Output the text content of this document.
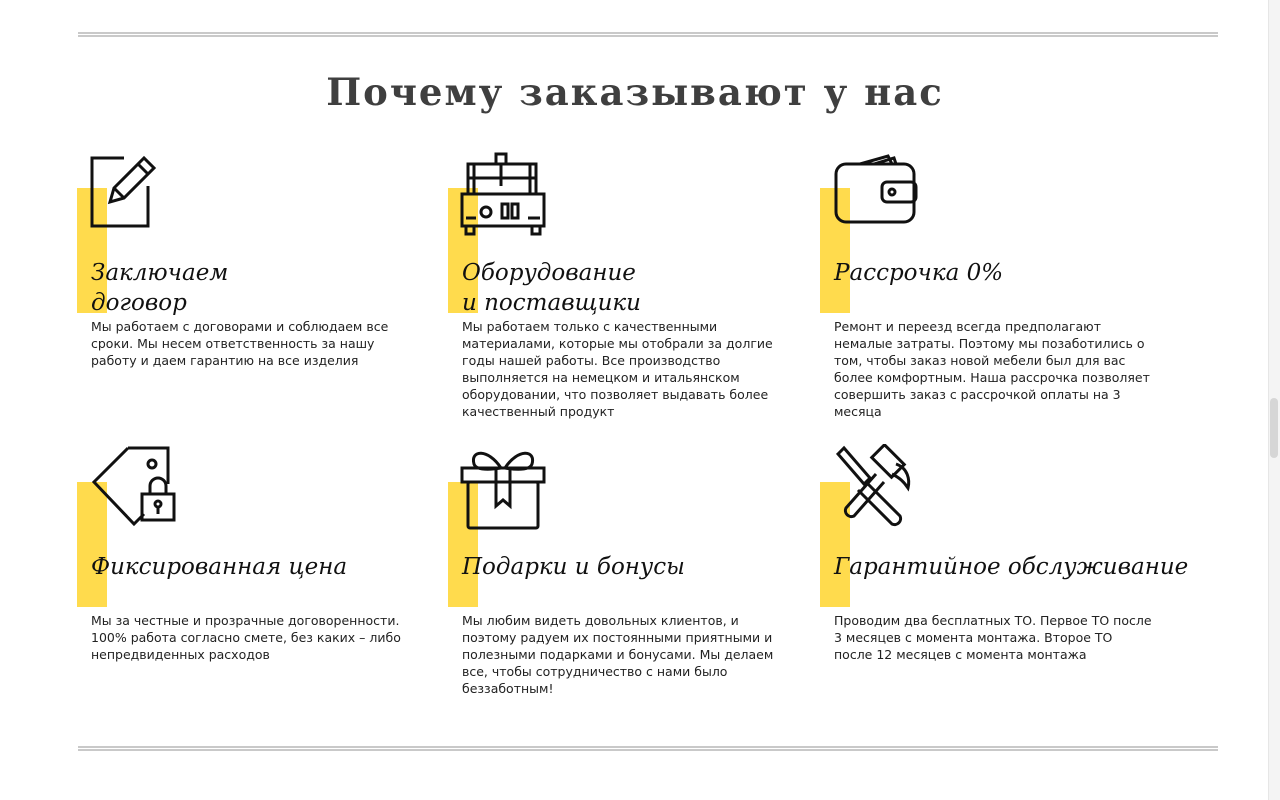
Почему заказывают у нас
Заключаем
договор

Мы работаем с договорами и соблюдаем все сроки. Мы несем ответственность за нашу работу и даем гарантию на все изделия

Оборудование
и поставщики

Мы работаем только с качественными материалами, которые мы отобрали за долгие годы нашей работы. Все производство выполняется на немецком и итальянском оборудовании, что позволяет выдавать более качественный продукт

Рассрочка 0%

Ремонт и переезд всегда предполагают немалые затраты. Поэтому мы позаботились о том, чтобы заказ новой мебели был для вас более комфортным. Наша рассрочка позволяет совершить заказ с рассрочкой оплаты на 3 месяца

Фиксированная цена

Мы за честные и прозрачные договоренности. 100% работа согласно смете, без каких – либо непредвиденных расходов

Подарки и бонусы

Мы любим видеть довольных клиентов, и поэтому радуем их постоянными приятными и полезными подарками и бонусами. Мы делаем все, чтобы сотрудничество с нами было беззаботным!

Гарантийное обслуживание

Проводим два бесплатных ТО. Первое ТО после 3 месяцев с момента монтажа. Второе ТО после 12 месяцев с момента монтажа
